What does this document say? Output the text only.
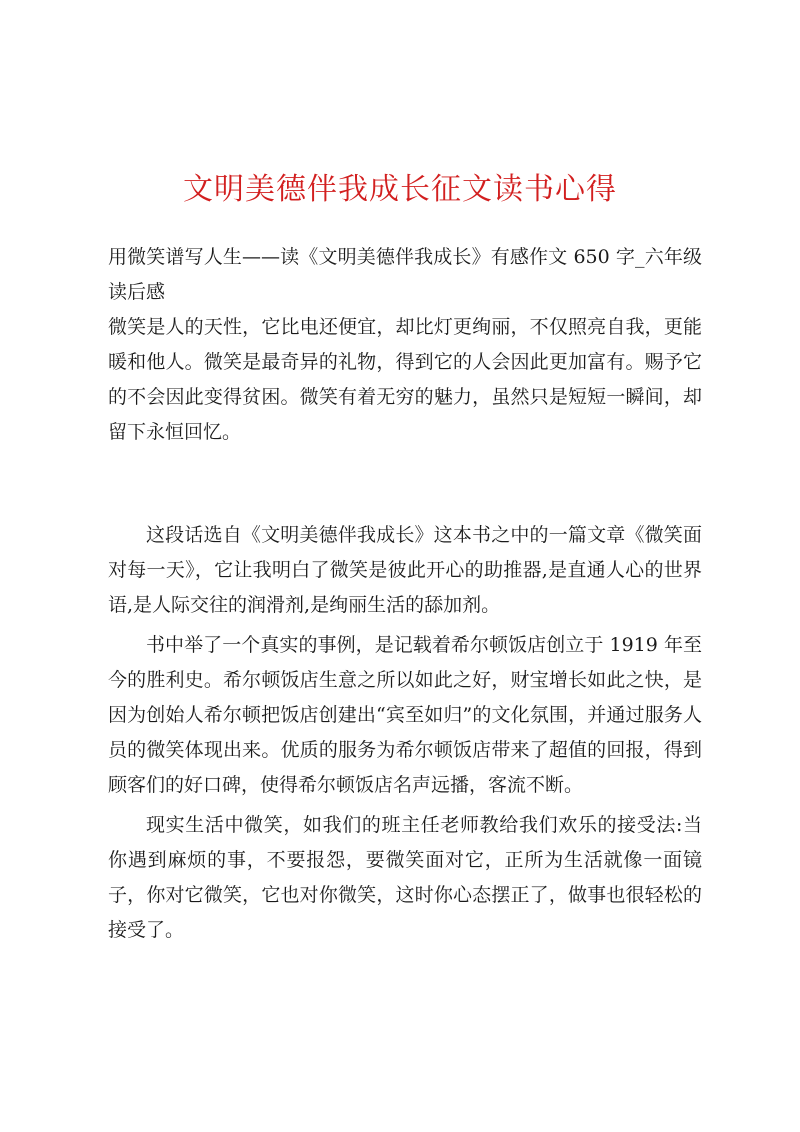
文明美德伴我成长征文读书心得

用微笑谱写人生——读《文明美德伴我成长》有感作文 650 字_六年级读后感

微笑是人的天性，它比电还便宜，却比灯更绚丽，不仅照亮自我，更能暖和他人。微笑是最奇异的礼物，得到它的人会因此更加富有。赐予它的不会因此变得贫困。微笑有着无穷的魅力，虽然只是短短一瞬间，却留下永恒回忆。

这段话选自《文明美德伴我成长》这本书之中的一篇文章《微笑面对每一天》，它让我明白了微笑是彼此开心的助推器,是直通人心的世界语,是人际交往的润滑剂,是绚丽生活的舔加剂。

书中举了一个真实的事例，是记载着希尔顿饭店创立于 1919 年至今的胜利史。希尔顿饭店生意之所以如此之好，财宝增长如此之快，是因为创始人希尔顿把饭店创建出“宾至如归”的文化氛围，并通过服务人员的微笑体现出来。优质的服务为希尔顿饭店带来了超值的回报，得到顾客们的好口碑，使得希尔顿饭店名声远播，客流不断。

现实生活中微笑，如我们的班主任老师教给我们欢乐的接受法:当你遇到麻烦的事，不要报怨，要微笑面对它，正所为生活就像一面镜子，你对它微笑，它也对你微笑，这时你心态摆正了，做事也很轻松的接受了。
